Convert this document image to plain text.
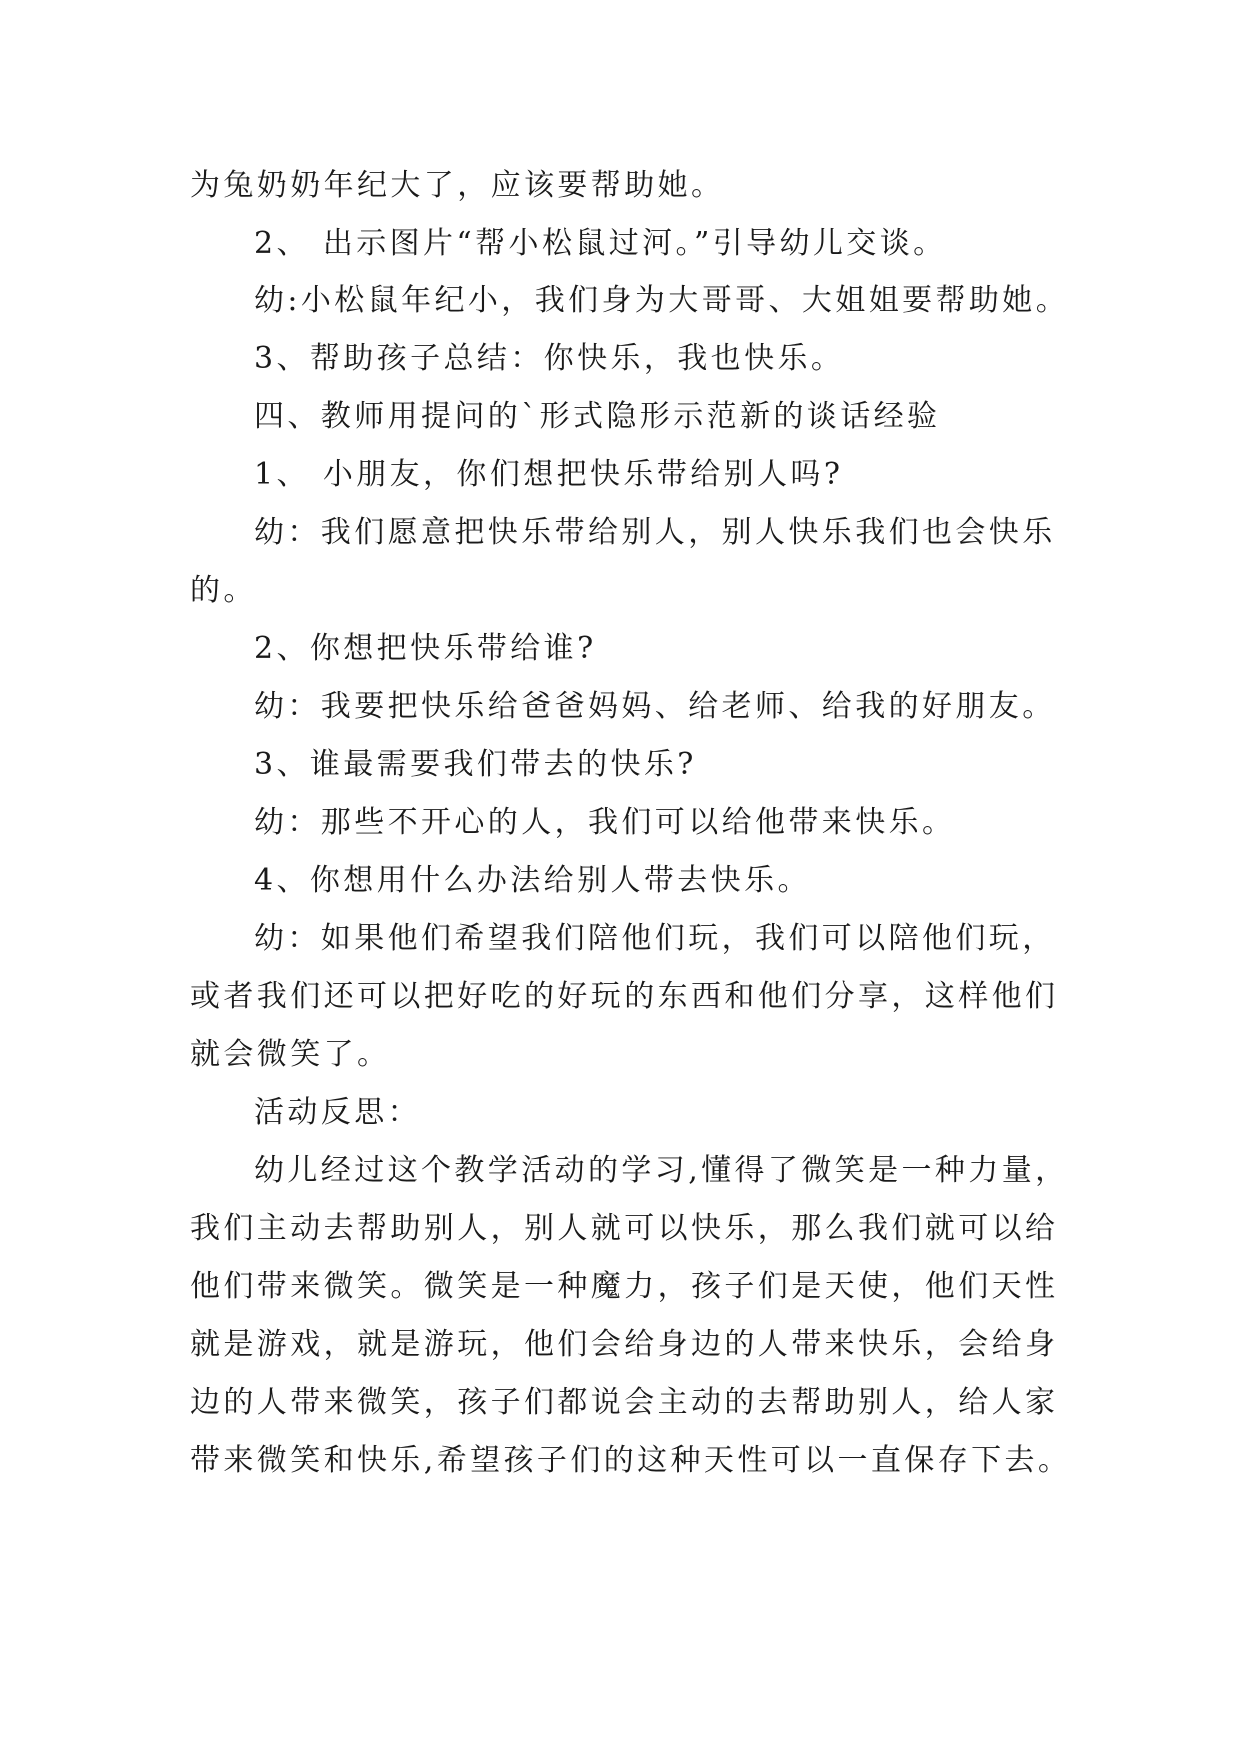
为兔奶奶年纪大了，应该要帮助她。
2、 出示图片“帮小松鼠过河。”引导幼儿交谈。
幼:小松鼠年纪小，我们身为大哥哥、大姐姐要帮助她。
3、帮助孩子总结：你快乐，我也快乐。
四、教师用提问的`形式隐形示范新的谈话经验
1、 小朋友，你们想把快乐带给别人吗?
幼：我们愿意把快乐带给别人，别人快乐我们也会快乐
的。
2、你想把快乐带给谁?
幼：我要把快乐给爸爸妈妈、给老师、给我的好朋友。
3、谁最需要我们带去的快乐?
幼：那些不开心的人，我们可以给他带来快乐。
4、你想用什么办法给别人带去快乐。
幼：如果他们希望我们陪他们玩，我们可以陪他们玩，
或者我们还可以把好吃的好玩的东西和他们分享，这样他们
就会微笑了。
活动反思：
幼儿经过这个教学活动的学习,懂得了微笑是一种力量，
我们主动去帮助别人，别人就可以快乐，那么我们就可以给
他们带来微笑。微笑是一种魔力，孩子们是天使，他们天性
就是游戏，就是游玩，他们会给身边的人带来快乐，会给身
边的人带来微笑，孩子们都说会主动的去帮助别人，给人家
带来微笑和快乐,希望孩子们的这种天性可以一直保存下去。
